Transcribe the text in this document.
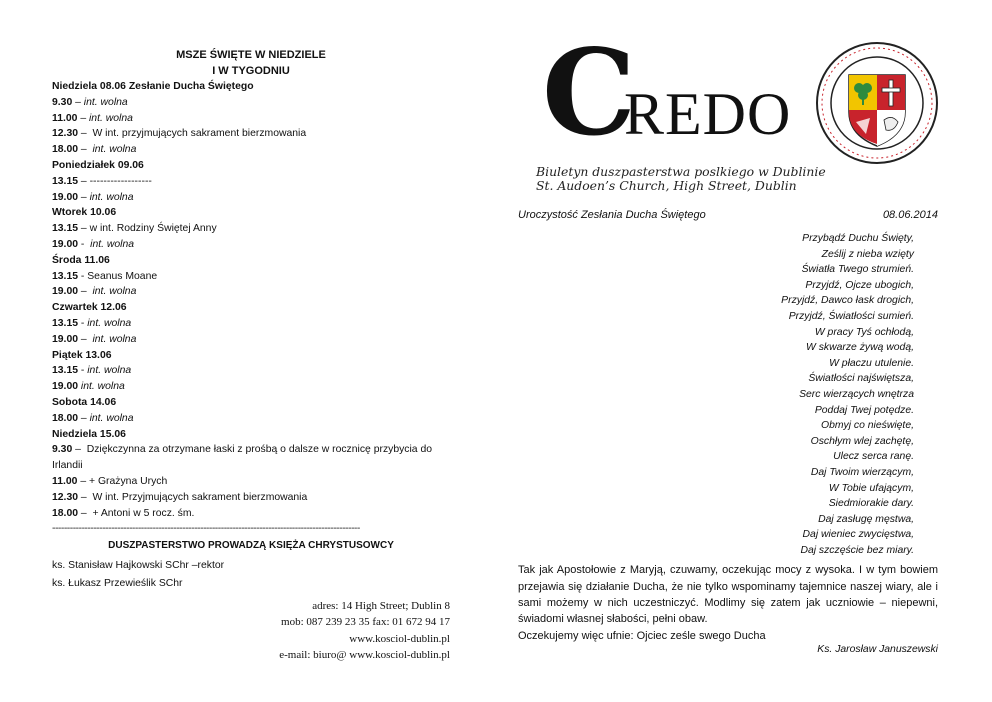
MSZE ŚWIĘTE W NIEDZIELE
I W TYGODNIU
Niedziela 08.06 Zesłanie Ducha Świętego
9.30 – int. wolna
11.00 – int. wolna
12.30 –  W int. przyjmujących sakrament bierzmowania
18.00 –  int. wolna
Poniedziałek 09.06
13.15 – ------------------
19.00 – int. wolna
Wtorek 10.06
13.15 – w int. Rodziny Świętej Anny
19.00 -  int. wolna
Środa 11.06
13.15 - Seanus Moane
19.00 –  int. wolna
Czwartek 12.06
13.15 - int. wolna
19.00 –  int. wolna
Piątek 13.06
13.15 - int. wolna
19.00 int. wolna
Sobota 14.06
18.00 – int. wolna
Niedziela 15.06
9.30 –  Dziękczynna za otrzymane łaski z prośbą o dalsze w rocznicę przybycia do Irlandii
11.00 – + Grażyna Urych
12.30 –  W int. Przyjmujących sakrament bierzmowania
18.00 –  + Antoni w 5 rocz. śm.
--------------------------------------------------------------------------------------------------------
DUSZPASTERSTWO PROWADZĄ KSIĘŻA CHRYSTUSOWCY
ks. Stanisław Hajkowski SChr –rektor
ks. Łukasz Przewieślik SChr
adres: 14 High Street; Dublin 8
mob: 087 239 23 35 fax: 01 672 94 17
www.kosciol-dublin.pl
e-mail: biuro@ www.kosciol-dublin.pl
C
REDO
Biuletyn duszpasterstwa poslkiego w Dublinie
St. Audoen’s Church, High Street, Dublin
Uroczystość Zesłania Ducha Świętego	08.06.2014
Przybądź Duchu Święty,
Ześlij z nieba wzięty
Światła Twego strumień.
Przyjdź, Ojcze ubogich,
Przyjdź, Dawco łask drogich,
Przyjdź, Światłości sumień.
W pracy Tyś ochłodą,
W skwarze żywą wodą,
W płaczu utulenie.
Światłości najświętsza,
Serc wierzących wnętrza
Poddaj Twej potędze.
Obmyj co nieświęte,
Oschłym wlej zachętę,
Ulecz serca ranę.
Daj Twoim wierzącym,
W Tobie ufającym,
Siedmiorakie dary.
Daj zasługę męstwa,
Daj wieniec zwycięstwa,
Daj szczęście bez miary.
Tak jak Apostołowie z Maryją, czuwamy, oczekując mocy z wysoka. I w tym bowiem przejawia się działanie Ducha, że nie tylko wspominamy tajemnice naszej wiary, ale i sami możemy w nich uczestniczyć. Modlimy się zatem jak uczniowie – niepewni, świadomi własnej słabości, pełni obaw.
Oczekujemy więc ufnie: Ojciec ześle swego Ducha
Ks. Jarosław Januszewski
